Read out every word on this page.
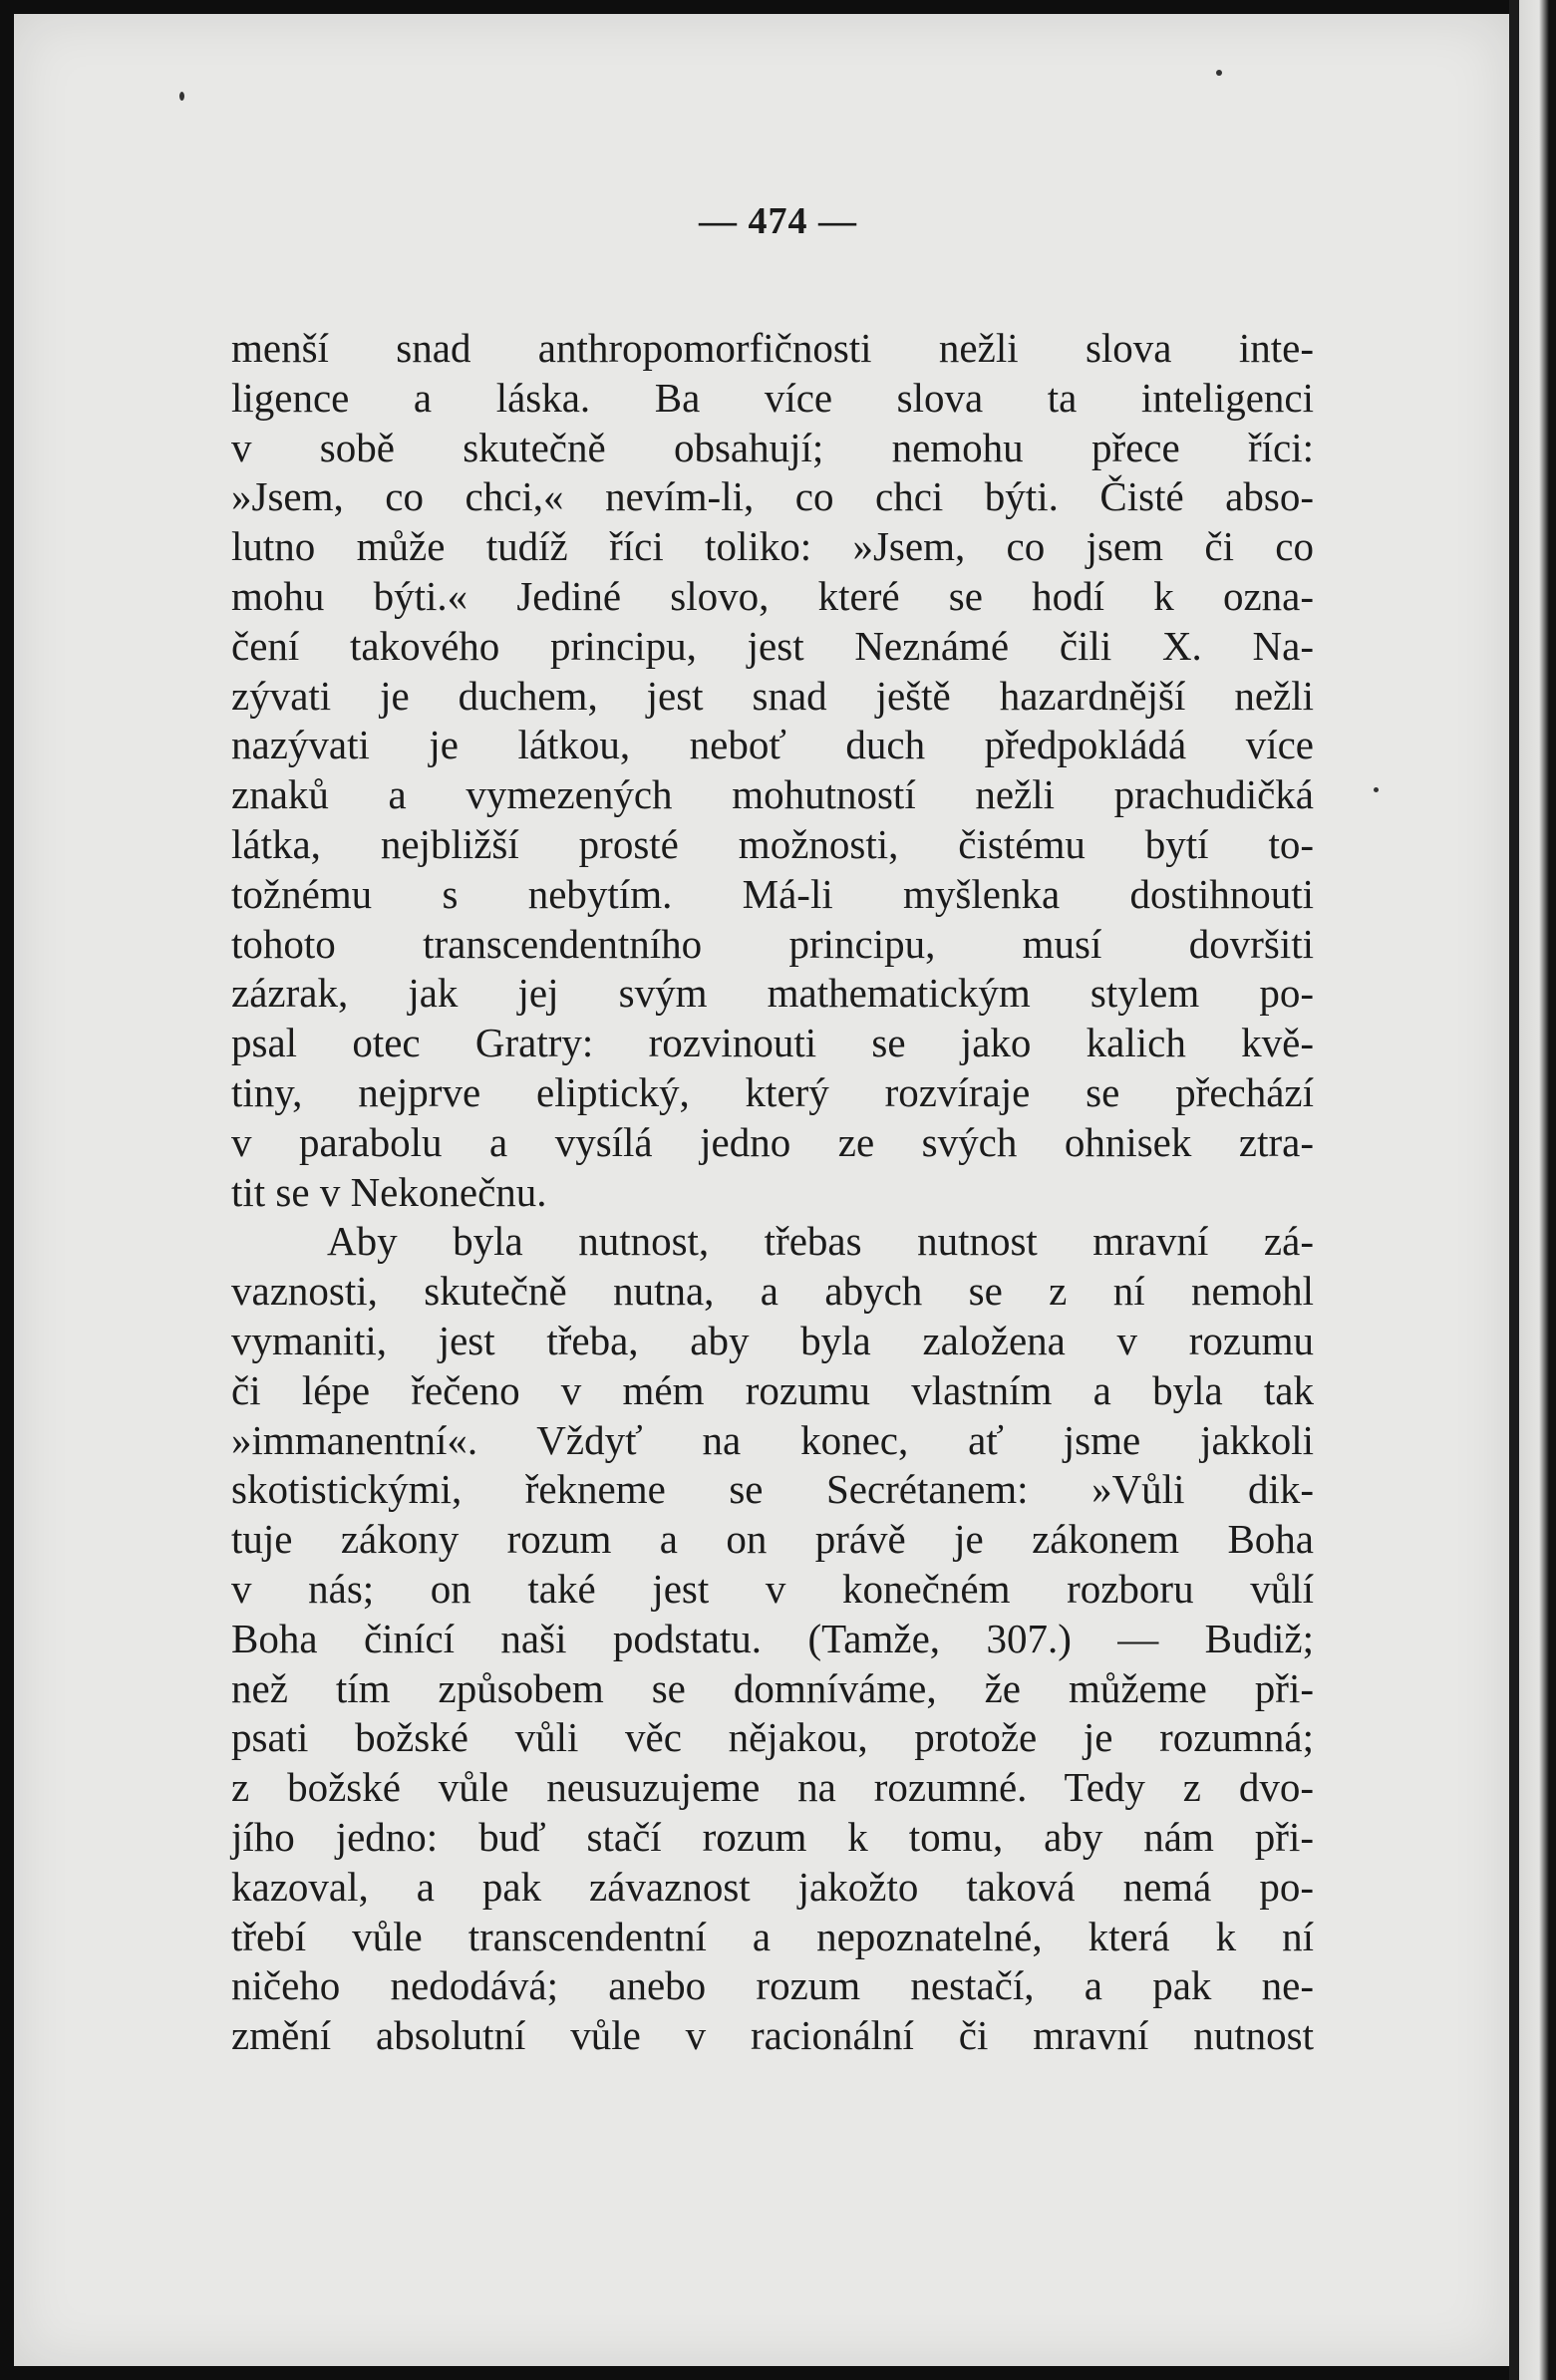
— 474 —
menší snad anthropomorfičnosti nežli slova inte-
ligence a láska. Ba více slova ta inteligenci
v sobě skutečně obsahují; nemohu přece říci:
»Jsem, co chci,« nevím-li, co chci býti. Čisté abso-
lutno může tudíž říci toliko: »Jsem, co jsem či co
mohu býti.« Jediné slovo, které se hodí k ozna-
čení takového principu, jest Neznámé čili X. Na-
zývati je duchem, jest snad ještě hazardnější nežli
nazývati je látkou, neboť duch předpokládá více
znaků a vymezených mohutností nežli prachudičká
látka, nejbližší prosté možnosti, čistému bytí to-
tožnému s nebytím. Má-li myšlenka dostihnouti
tohoto transcendentního principu, musí dovršiti
zázrak, jak jej svým mathematickým stylem po-
psal otec Gratry: rozvinouti se jako kalich kvě-
tiny, nejprve eliptický, který rozvíraje se přechází
v parabolu a vysílá jedno ze svých ohnisek ztra-
tit se v Nekonečnu.
Aby byla nutnost, třebas nutnost mravní zá-
vaznosti, skutečně nutna, a abych se z ní nemohl
vymaniti, jest třeba, aby byla založena v rozumu
či lépe řečeno v mém rozumu vlastním a byla tak
»immanentní«. Vždyť na konec, ať jsme jakkoli
skotistickými, řekneme se Secrétanem: »Vůli dik-
tuje zákony rozum a on právě je zákonem Boha
v nás; on také jest v konečném rozboru vůlí
Boha činící naši podstatu. (Tamže, 307.) — Budiž;
než tím způsobem se domníváme, že můžeme při-
psati božské vůli věc nějakou, protože je rozumná;
z božské vůle neusuzujeme na rozumné. Tedy z dvo-
jího jedno: buď stačí rozum k tomu, aby nám při-
kazoval, a pak závaznost jakožto taková nemá po-
třebí vůle transcendentní a nepoznatelné, která k ní
ničeho nedodává; anebo rozum nestačí, a pak ne-
změní absolutní vůle v racionální či mravní nutnost
